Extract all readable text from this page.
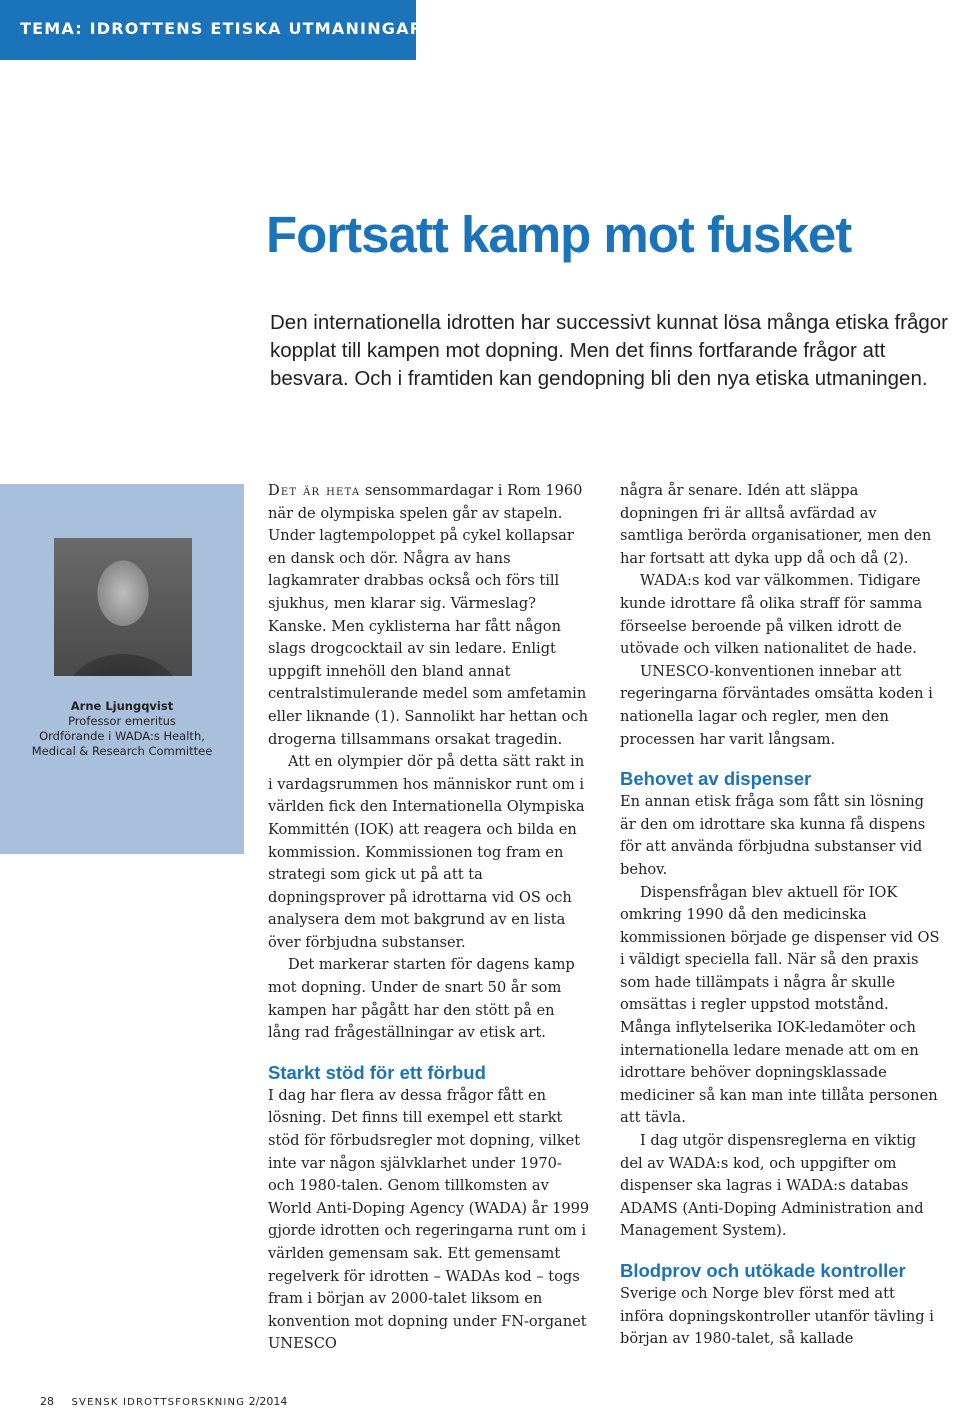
TEMA: IDROTTENS ETISKA UTMANINGAR
Fortsatt kamp mot fusket

Den internationella idrotten har successivt kunnat lösa många etiska frågor kopplat till kampen mot dopning. Men det finns fortfarande frågor att besvara. Och i framtiden kan gendopning bli den nya etiska utmaningen.

Arne Ljungqvist
Professor emeritus
Ordförande i WADA:s Health,
Medical & Research Committee

Det är heta sensommardagar i Rom 1960 när de olympiska spelen går av stapeln. Under lagtempoloppet på cykel kollapsar en dansk och dör. Några av hans lagkamrater drabbas också och förs till sjukhus, men klarar sig. Värmeslag? Kanske. Men cyklisterna har fått någon slags drogcocktail av sin ledare. Enligt uppgift innehöll den bland annat centralstimulerande medel som amfetamin eller liknande (1). Sannolikt har hettan och drogerna tillsammans orsakat tragedin.

Att en olympier dör på detta sätt rakt in i vardagsrummen hos människor runt om i världen fick den Internationella Olympiska Kommittén (IOK) att reagera och bilda en kommission. Kommissionen tog fram en strategi som gick ut på att ta dopningsprover på idrottarna vid OS och analysera dem mot bakgrund av en lista över förbjudna substanser.

Det markerar starten för dagens kamp mot dopning. Under de snart 50 år som kampen har pågått har den stött på en lång rad frågeställningar av etisk art.

Starkt stöd för ett förbud

I dag har flera av dessa frågor fått en lösning. Det finns till exempel ett starkt stöd för förbudsregler mot dopning, vilket inte var någon självklarhet under 1970- och 1980-talen. Genom tillkomsten av World Anti-Doping Agency (WADA) år 1999 gjorde idrotten och regeringarna runt om i världen gemensam sak. Ett gemensamt regelverk för idrotten – WADAs kod – togs fram i början av 2000-talet liksom en konvention mot dopning under FN-organet UNESCO

några år senare. Idén att släppa dopningen fri är alltså avfärdad av samtliga berörda organisationer, men den har fortsatt att dyka upp då och då (2).

WADA:s kod var välkommen. Tidigare kunde idrottare få olika straff för samma förseelse beroende på vilken idrott de utövade och vilken nationalitet de hade.

UNESCO-konventionen innebar att regeringarna förväntades omsätta koden i nationella lagar och regler, men den processen har varit långsam.

Behovet av dispenser

En annan etisk fråga som fått sin lösning är den om idrottare ska kunna få dispens för att använda förbjudna substanser vid behov.

Dispensfrågan blev aktuell för IOK omkring 1990 då den medicinska kommissionen började ge dispenser vid OS i väldigt speciella fall. När så den praxis som hade tillämpats i några år skulle omsättas i regler uppstod motstånd. Många inflytelserika IOK-ledamöter och internationella ledare menade att om en idrottare behöver dopningsklassade mediciner så kan man inte tillåta personen att tävla.

I dag utgör dispensreglerna en viktig del av WADA:s kod, och uppgifter om dispenser ska lagras i WADA:s databas ADAMS (Anti-Doping Administration and Management System).

Blodprov och utökade kontroller

Sverige och Norge blev först med att införa dopningskontroller utanför tävling i början av 1980-talet, så kallade

28 SVENSK IDROTTSFORSKNING 2/2014
